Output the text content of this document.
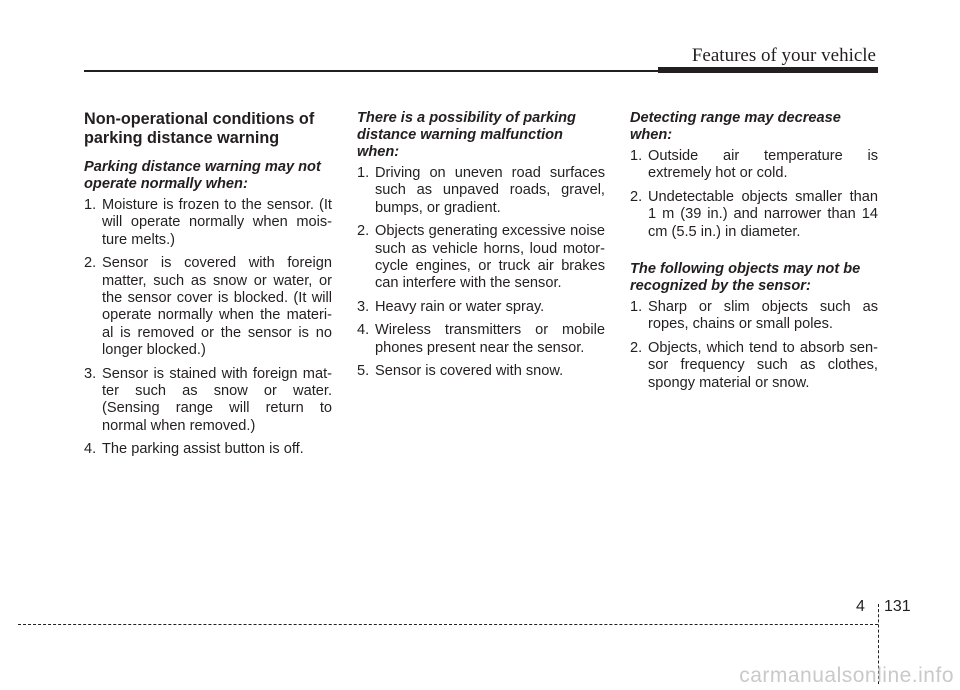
Features of your vehicle
Non-operational conditions of parking distance warning
Parking distance warning may not operate normally when:
1. Moisture is frozen to the sensor. (It will operate normally when mois-ture melts.)
2. Sensor is covered with foreign matter, such as snow or water, or the sensor cover is blocked. (It will operate normally when the materi-al is removed or the sensor is no longer blocked.)
3. Sensor is stained with foreign mat-ter such as snow or water. (Sensing range will return to normal when removed.)
4. The parking assist button is off.
There is a possibility of parking distance warning malfunction when:
1. Driving on uneven road surfaces such as unpaved roads, gravel, bumps, or gradient.
2. Objects generating excessive noise such as vehicle horns, loud motor-cycle engines, or truck air brakes can interfere with the sensor.
3. Heavy rain or water spray.
4. Wireless transmitters or mobile phones present near the sensor.
5. Sensor is covered with snow.
Detecting range may decrease when:
1. Outside air temperature is extremely hot or cold.
2. Undetectable objects smaller than 1 m (39 in.) and narrower than 14 cm (5.5 in.) in diameter.
The following objects may not be recognized by the sensor:
1. Sharp or slim objects such as ropes, chains or small poles.
2. Objects, which tend to absorb sen-sor frequency such as clothes, spongy material or snow.
4 131
carmanualsonline.info
